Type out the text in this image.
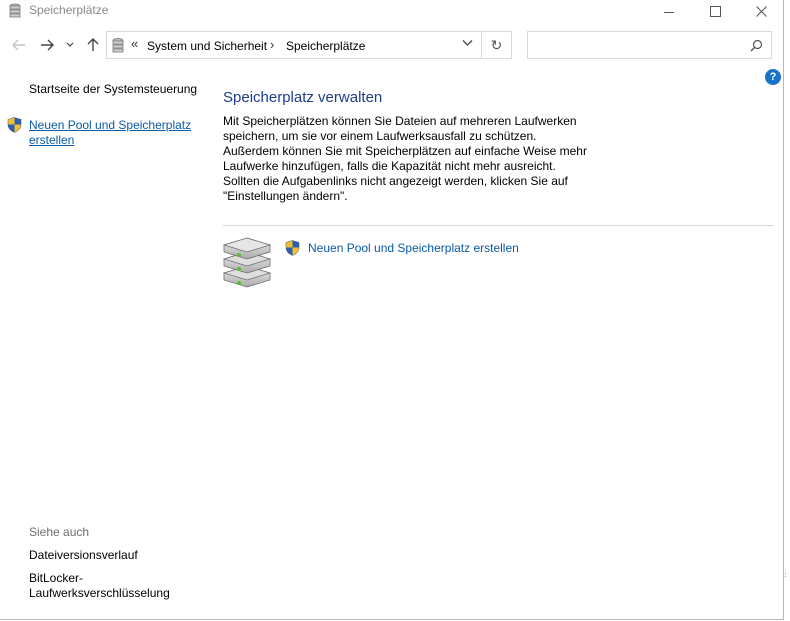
Speicherplätze
« System und Sicherheit › Speicherplätze	↻
?
Startseite der Systemsteuerung
Neuen Pool und Speicherplatz erstellen
Siehe auch
Dateiversionsverlauf
BitLocker-Laufwerksverschlüsselung
Speicherplatz verwalten
Mit Speicherplätzen können Sie Dateien auf mehreren Laufwerken speichern, um sie vor einem Laufwerksausfall zu schützen. Außerdem können Sie mit Speicherplätzen auf einfache Weise mehr Laufwerke hinzufügen, falls die Kapazität nicht mehr ausreicht. Sollten die Aufgabenlinks nicht angezeigt werden, klicken Sie auf "Einstellungen ändern".
Neuen Pool und Speicherplatz erstellen
⋮
